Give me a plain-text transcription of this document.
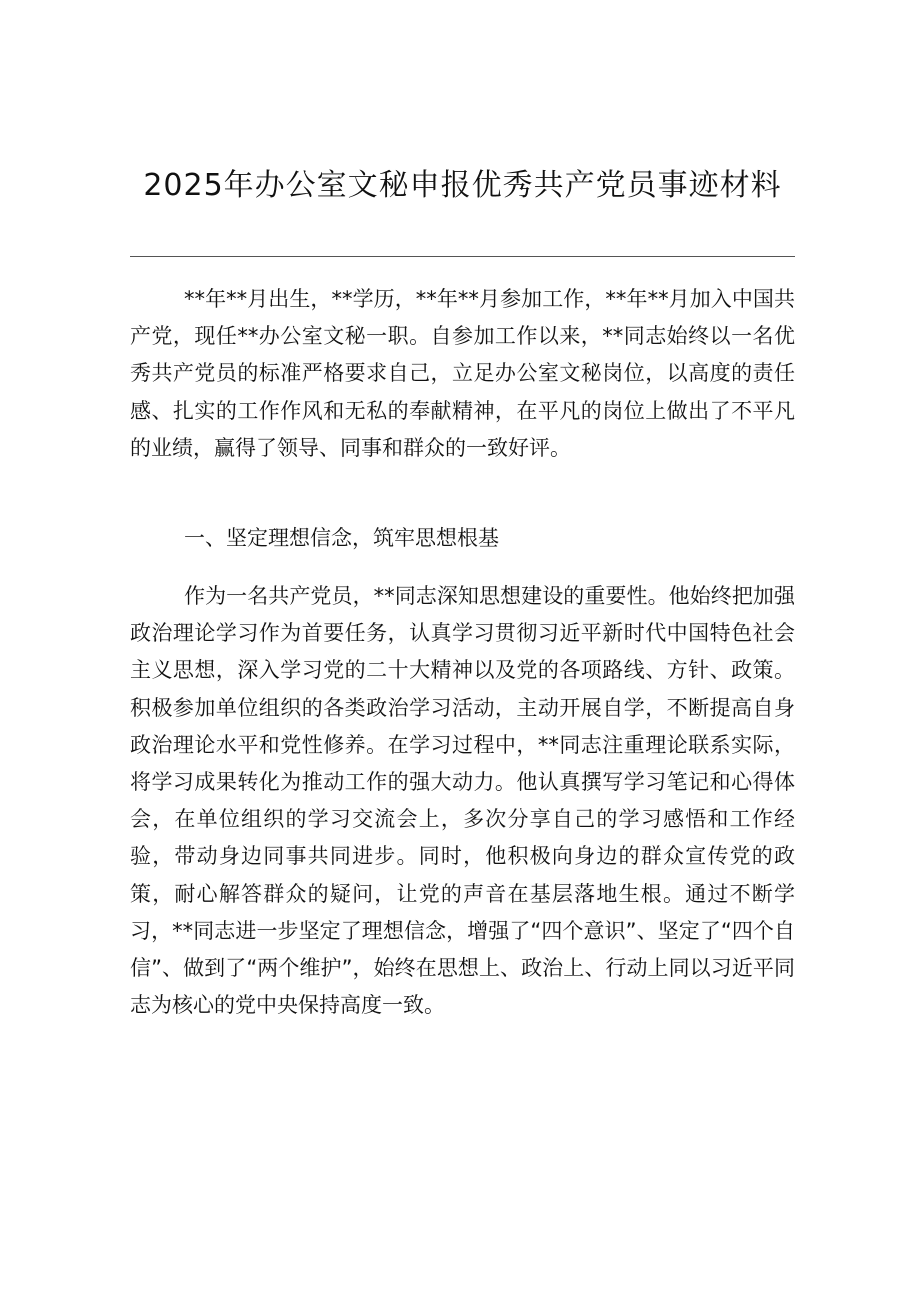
2025年办公室文秘申报优秀共产党员事迹材料

**年**月出生，**学历，**年**月参加工作，**年**月加入中国共产党，现任**办公室文秘一职。自参加工作以来，**同志始终以一名优秀共产党员的标准严格要求自己，立足办公室文秘岗位，以高度的责任感、扎实的工作作风和无私的奉献精神，在平凡的岗位上做出了不平凡的业绩，赢得了领导、同事和群众的一致好评。

一、坚定理想信念，筑牢思想根基

作为一名共产党员，**同志深知思想建设的重要性。他始终把加强政治理论学习作为首要任务，认真学习贯彻习近平新时代中国特色社会主义思想，深入学习党的二十大精神以及党的各项路线、方针、政策。积极参加单位组织的各类政治学习活动，主动开展自学，不断提高自身政治理论水平和党性修养。在学习过程中，**同志注重理论联系实际，将学习成果转化为推动工作的强大动力。他认真撰写学习笔记和心得体会，在单位组织的学习交流会上，多次分享自己的学习感悟和工作经验，带动身边同事共同进步。同时，他积极向身边的群众宣传党的政策，耐心解答群众的疑问，让党的声音在基层落地生根。通过不断学习，**同志进一步坚定了理想信念，增强了“四个意识”、坚定了“四个自信”、做到了“两个维护”，始终在思想上、政治上、行动上同以习近平同志为核心的党中央保持高度一致。
